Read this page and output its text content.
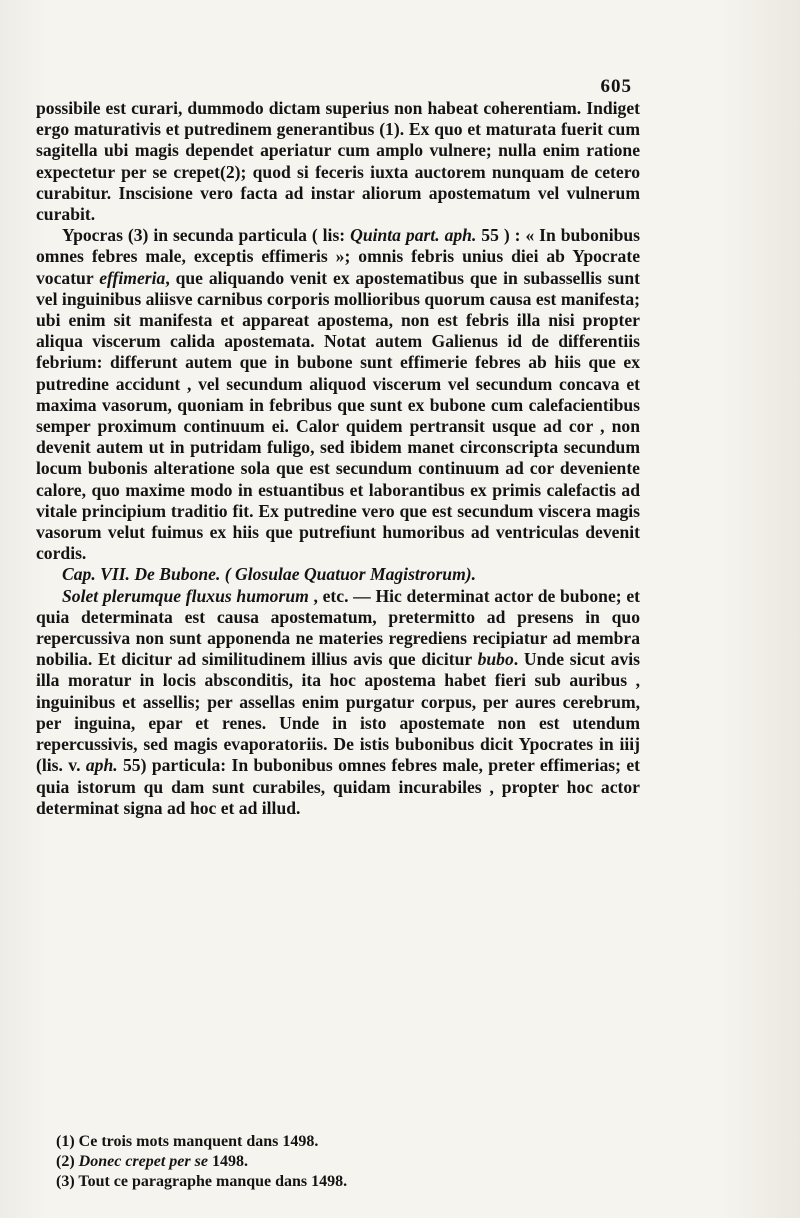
605

possibile est curari, dummodo dictam superius non habeat coherentiam. Indiget ergo maturativis et putredinem generantibus (1). Ex quo et maturata fuerit cum sagitella ubi magis dependet aperiatur cum amplo vulnere; nulla enim ratione expectetur per se crepet(2); quod si feceris iuxta auctorem nunquam de cetero curabitur. Inscisione vero facta ad instar aliorum apostematum vel vulnerum curabit.

Ypocras (3) in secunda particula ( lis: Quinta part. aph. 55 ) : « In bubonibus omnes febres male, exceptis effimeris »; omnis febris unius diei ab Ypocrate vocatur effimeria, que aliquando venit ex apostematibus que in subassellis sunt vel inguinibus aliisve carnibus corporis mollioribus quorum causa est manifesta; ubi enim sit manifesta et appareat apostema, non est febris illa nisi propter aliqua viscerum calida apostemata. Notat autem Galienus id de differentiis febrium: differunt autem que in bubone sunt effimerie febres ab hiis que ex putredine accidunt , vel secundum aliquod viscerum vel secundum concava et maxima vasorum, quoniam in febribus que sunt ex bubone cum calefacientibus semper proximum continuum ei. Calor quidem pertransit usque ad cor , non devenit autem ut in putridam fuligo, sed ibidem manet circonscripta secundum locum bubonis alteratione sola que est secundum continuum ad cor deveniente calore, quo maxime modo in estuantibus et laborantibus ex primis calefactis ad vitale principium traditio fit. Ex putredine vero que est secundum viscera magis vasorum velut fuimus ex hiis que putrefiunt humoribus ad ventriculas devenit cordis.

Cap. VII. De Bubone. ( Glosulae Quatuor Magistrorum).

Solet plerumque fluxus humorum , etc. — Hic determinat actor de bubone; et quia determinata est causa apostematum, pretermitto ad presens in quo repercussiva non sunt apponenda ne materies regrediens recipiatur ad membra nobilia. Et dicitur ad similitudinem illius avis que dicitur bubo. Unde sicut avis illa moratur in locis absconditis, ita hoc apostema habet fieri sub auribus , inguinibus et assellis; per assellas enim purgatur corpus, per aures cerebrum, per inguina, epar et renes. Unde in isto apostemate non est utendum repercussivis, sed magis evaporatoriis. De istis bubonibus dicit Ypocrates in iiij (lis. v. aph. 55) particula: In bubonibus omnes febres male, preter effimerias; et quia istorum qu dam sunt curabiles, quidam incurabiles , propter hoc actor determinat signa ad hoc et ad illud.

(1) Ce trois mots manquent dans 1498.
(2) Donec crepet per se 1498.
(3) Tout ce paragraphe manque dans 1498.
